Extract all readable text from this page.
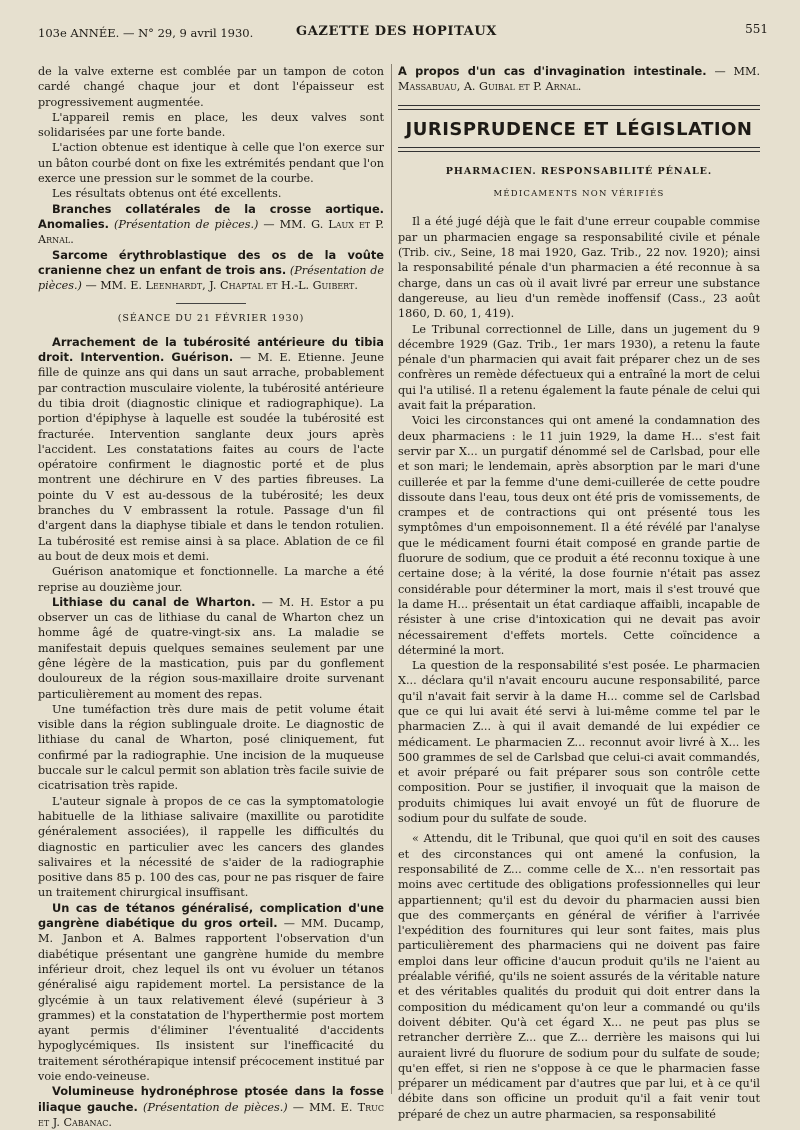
103e ANNÉE. — N° 29, 9 avril 1930.	GAZETTE DES HOPITAUX	551

de la valve externe est comblée par un tampon de coton cardé changé chaque jour et dont l'épaisseur est progressivement augmentée.

L'appareil remis en place, les deux valves sont solidarisées par une forte bande.

L'action obtenue est identique à celle que l'on exerce sur un bâton courbé dont on fixe les extrémités pendant que l'on exerce une pression sur le sommet de la courbe.

Les résultats obtenus ont été excellents.

Branches collatérales de la crosse aortique. Anomalies. (Présentation de pièces.) — MM. G. Laux et P. Arnal.

Sarcome érythroblastique des os de la voûte cranienne chez un enfant de trois ans. (Présentation de pièces.) — MM. E. Leenhardt, J. Chaptal et H.-L. Guibert.

(SÉANCE DU 21 FÉVRIER 1930)

Arrachement de la tubérosité antérieure du tibia droit. Intervention. Guérison. — M. E. Etienne. Jeune fille de quinze ans qui dans un saut arrache, probablement par contraction musculaire violente, la tubérosité antérieure du tibia droit (diagnostic clinique et radiographique). La portion d'épiphyse à laquelle est soudée la tubérosité est fracturée. Intervention sanglante deux jours après l'accident. Les constatations faites au cours de l'acte opératoire confirment le diagnostic porté et de plus montrent une déchirure en V des parties fibreuses. La pointe du V est au-dessous de la tubérosité; les deux branches du V embrassent la rotule. Passage d'un fil d'argent dans la diaphyse tibiale et dans le tendon rotulien. La tubérosité est remise ainsi à sa place. Ablation de ce fil au bout de deux mois et demi.

Guérison anatomique et fonctionnelle. La marche a été reprise au douzième jour.

Lithiase du canal de Wharton. — M. H. Estor a pu observer un cas de lithiase du canal de Wharton chez un homme âgé de quatre-vingt-six ans. La maladie se manifestait depuis quelques semaines seulement par une gêne légère de la mastication, puis par du gonflement douloureux de la région sous-maxillaire droite survenant particulièrement au moment des repas.

Une tuméfaction très dure mais de petit volume était visible dans la région sublinguale droite. Le diagnostic de lithiase du canal de Wharton, posé cliniquement, fut confirmé par la radiographie. Une incision de la muqueuse buccale sur le calcul permit son ablation très facile suivie de cicatrisation très rapide.

L'auteur signale à propos de ce cas la symptomatologie habituelle de la lithiase salivaire (maxillite ou parotidite généralement associées), il rappelle les difficultés du diagnostic en particulier avec les cancers des glandes salivaires et la nécessité de s'aider de la radiographie positive dans 85 p. 100 des cas, pour ne pas risquer de faire un traitement chirurgical insuffisant.

Un cas de tétanos généralisé, complication d'une gangrène diabétique du gros orteil. — MM. Ducamp, M. Janbon et A. Balmes rapportent l'observation d'un diabétique présentant une gangrène humide du membre inférieur droit, chez lequel ils ont vu évoluer un tétanos généralisé aigu rapidement mortel. La persistance de la glycémie à un taux relativement élevé (supérieur à 3 grammes) et la constatation de l'hyperthermie post mortem ayant permis d'éliminer l'éventualité d'accidents hypoglycémiques. Ils insistent sur l'inefficacité du traitement sérothérapique intensif précocement institué par voie endo-veineuse.

Volumineuse hydronéphrose ptosée dans la fosse iliaque gauche. (Présentation de pièces.) — MM. E. Truc et J. Cabanac.

A propos d'un cas d'invagination intestinale. — MM. Massabuau, A. Guibal et P. Arnal.

JURISPRUDENCE ET LÉGISLATION
PHARMACIEN. RESPONSABILITÉ PÉNALE.
MÉDICAMENTS NON VÉRIFIÉS

Il a été jugé déjà que le fait d'une erreur coupable commise par un pharmacien engage sa responsabilité civile et pénale (Trib. civ., Seine, 18 mai 1920, Gaz. Trib., 22 nov. 1920); ainsi la responsabilité pénale d'un pharmacien a été reconnue à sa charge, dans un cas où il avait livré par erreur une substance dangereuse, au lieu d'un remède inoffensif (Cass., 23 août 1860, D. 60, 1, 419).

Le Tribunal correctionnel de Lille, dans un jugement du 9 décembre 1929 (Gaz. Trib., 1er mars 1930), a retenu la faute pénale d'un pharmacien qui avait fait préparer chez un de ses confrères un remède défectueux qui a entraîné la mort de celui qui l'a utilisé. Il a retenu également la faute pénale de celui qui avait fait la préparation.

Voici les circonstances qui ont amené la condamnation des deux pharmaciens : le 11 juin 1929, la dame H... s'est fait servir par X... un purgatif dénommé sel de Carlsbad, pour elle et son mari; le lendemain, après absorption par le mari d'une cuillerée et par la femme d'une demi-cuillerée de cette poudre dissoute dans l'eau, tous deux ont été pris de vomissements, de crampes et de contractions qui ont présenté tous les symptômes d'un empoisonnement. Il a été révélé par l'analyse que le médicament fourni était composé en grande partie de fluorure de sodium, que ce produit a été reconnu toxique à une certaine dose; à la vérité, la dose fournie n'était pas assez considérable pour déterminer la mort, mais il s'est trouvé que la dame H... présentait un état cardiaque affaibli, incapable de résister à une crise d'intoxication qui ne devait pas avoir nécessairement d'effets mortels. Cette coïncidence a déterminé la mort.

La question de la responsabilité s'est posée. Le pharmacien X... déclara qu'il n'avait encouru aucune responsabilité, parce qu'il n'avait fait servir à la dame H... comme sel de Carlsbad que ce qui lui avait été servi à lui-même comme tel par le pharmacien Z... à qui il avait demandé de lui expédier ce médicament. Le pharmacien Z... reconnut avoir livré à X... les 500 grammes de sel de Carlsbad que celui-ci avait commandés, et avoir préparé ou fait préparer sous son contrôle cette composition. Pour se justifier, il invoquait que la maison de produits chimiques lui avait envoyé un fût de fluorure de sodium pour du sulfate de soude.

« Attendu, dit le Tribunal, que quoi qu'il en soit des causes et des circonstances qui ont amené la confusion, la responsabilité de Z... comme celle de X... n'en ressortait pas moins avec certitude des obligations professionnelles qui leur appartiennent; qu'il est du devoir du pharmacien aussi bien que des commerçants en général de vérifier à l'arrivée l'expédition des fournitures qui leur sont faites, mais plus particulièrement des pharmaciens qui ne doivent pas faire emploi dans leur officine d'aucun produit qu'ils ne l'aient au préalable vérifié, qu'ils ne soient assurés de la véritable nature et des véritables qualités du produit qui doit entrer dans la composition du médicament qu'on leur a commandé ou qu'ils doivent débiter. Qu'à cet égard X... ne peut pas plus se retrancher derrière Z... que Z... derrière les maisons qui lui auraient livré du fluorure de sodium pour du sulfate de soude; qu'en effet, si rien ne s'oppose à ce que le pharmacien fasse préparer un médicament par d'autres que par lui, et à ce qu'il débite dans son officine un produit qu'il a fait venir tout préparé de chez un autre pharmacien, sa responsabilité
